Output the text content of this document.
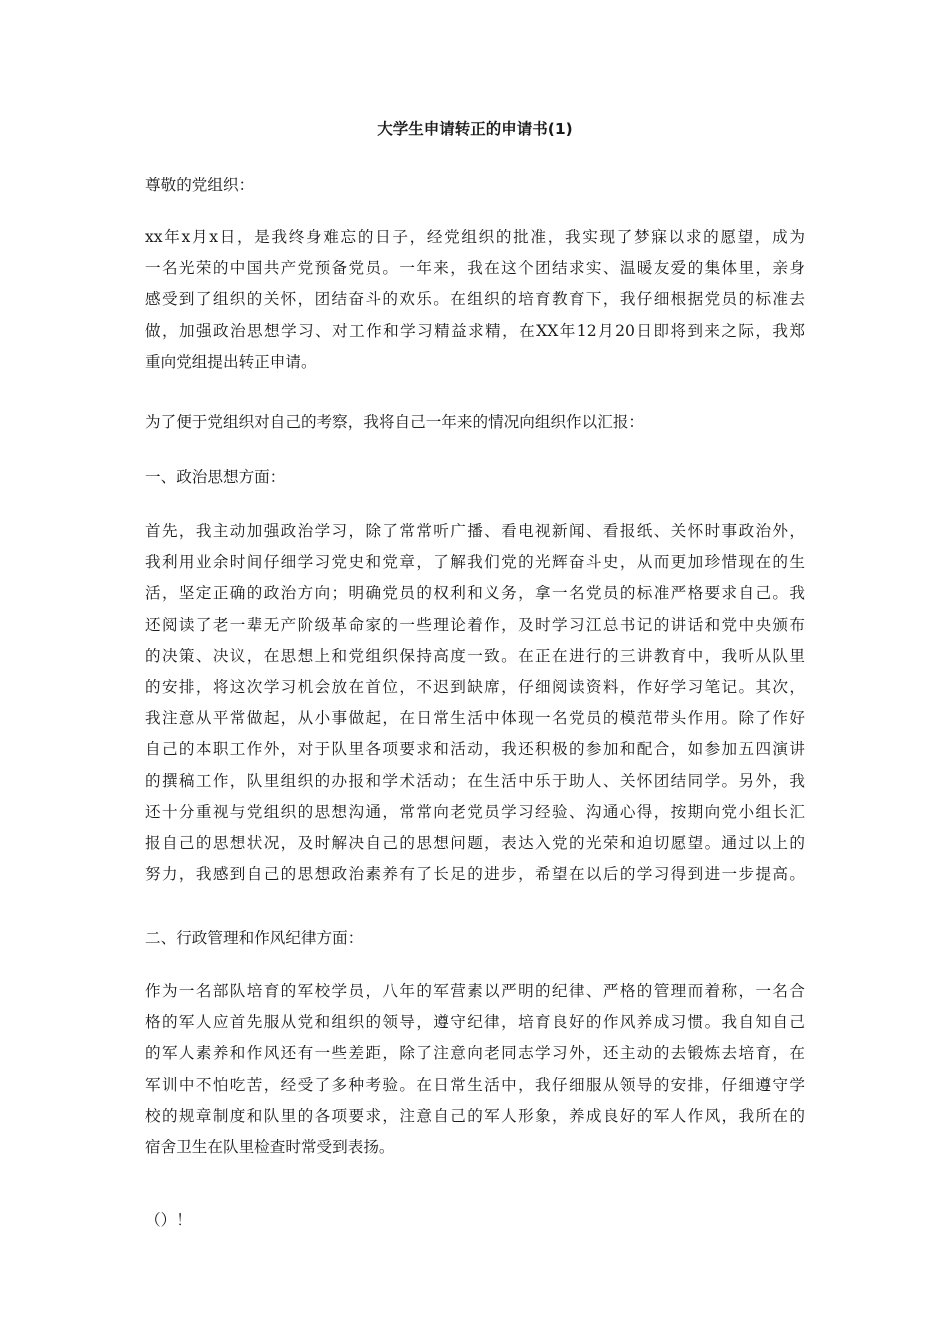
大学生申请转正的申请书(1)

尊敬的党组织：

xx年x月x日，是我终身难忘的日子，经党组织的批准，我实现了梦寐以求的愿望，成为
一名光荣的中国共产党预备党员。一年来，我在这个团结求实、温暖友爱的集体里，亲身
感受到了组织的关怀，团结奋斗的欢乐。在组织的培育教育下，我仔细根据党员的标准去
做，加强政治思想学习、对工作和学习精益求精，在XX年12月20日即将到来之际，我郑
重向党组提出转正申请。

为了便于党组织对自己的考察，我将自己一年来的情况向组织作以汇报：

一、政治思想方面：

首先，我主动加强政治学习，除了常常听广播、看电视新闻、看报纸、关怀时事政治外，
我利用业余时间仔细学习党史和党章，了解我们党的光辉奋斗史，从而更加珍惜现在的生
活，坚定正确的政治方向；明确党员的权利和义务，拿一名党员的标准严格要求自己。我
还阅读了老一辈无产阶级革命家的一些理论着作，及时学习江总书记的讲话和党中央颁布
的决策、决议，在思想上和党组织保持高度一致。在正在进行的三讲教育中，我听从队里
的安排，将这次学习机会放在首位，不迟到缺席，仔细阅读资料，作好学习笔记。其次，
我注意从平常做起，从小事做起，在日常生活中体现一名党员的模范带头作用。除了作好
自己的本职工作外，对于队里各项要求和活动，我还积极的参加和配合，如参加五四演讲
的撰稿工作，队里组织的办报和学术活动；在生活中乐于助人、关怀团结同学。另外，我
还十分重视与党组织的思想沟通，常常向老党员学习经验、沟通心得，按期向党小组长汇
报自己的思想状况，及时解决自己的思想问题，表达入党的光荣和迫切愿望。通过以上的
努力，我感到自己的思想政治素养有了长足的进步，希望在以后的学习得到进一步提高。

二、行政管理和作风纪律方面：

作为一名部队培育的军校学员，八年的军营素以严明的纪律、严格的管理而着称，一名合
格的军人应首先服从党和组织的领导，遵守纪律，培育良好的作风养成习惯。我自知自己
的军人素养和作风还有一些差距，除了注意向老同志学习外，还主动的去锻炼去培育，在
军训中不怕吃苦，经受了多种考验。在日常生活中，我仔细服从领导的安排，仔细遵守学
校的规章制度和队里的各项要求，注意自己的军人形象，养成良好的军人作风，我所在的
宿舍卫生在队里检查时常受到表扬。

（）！
